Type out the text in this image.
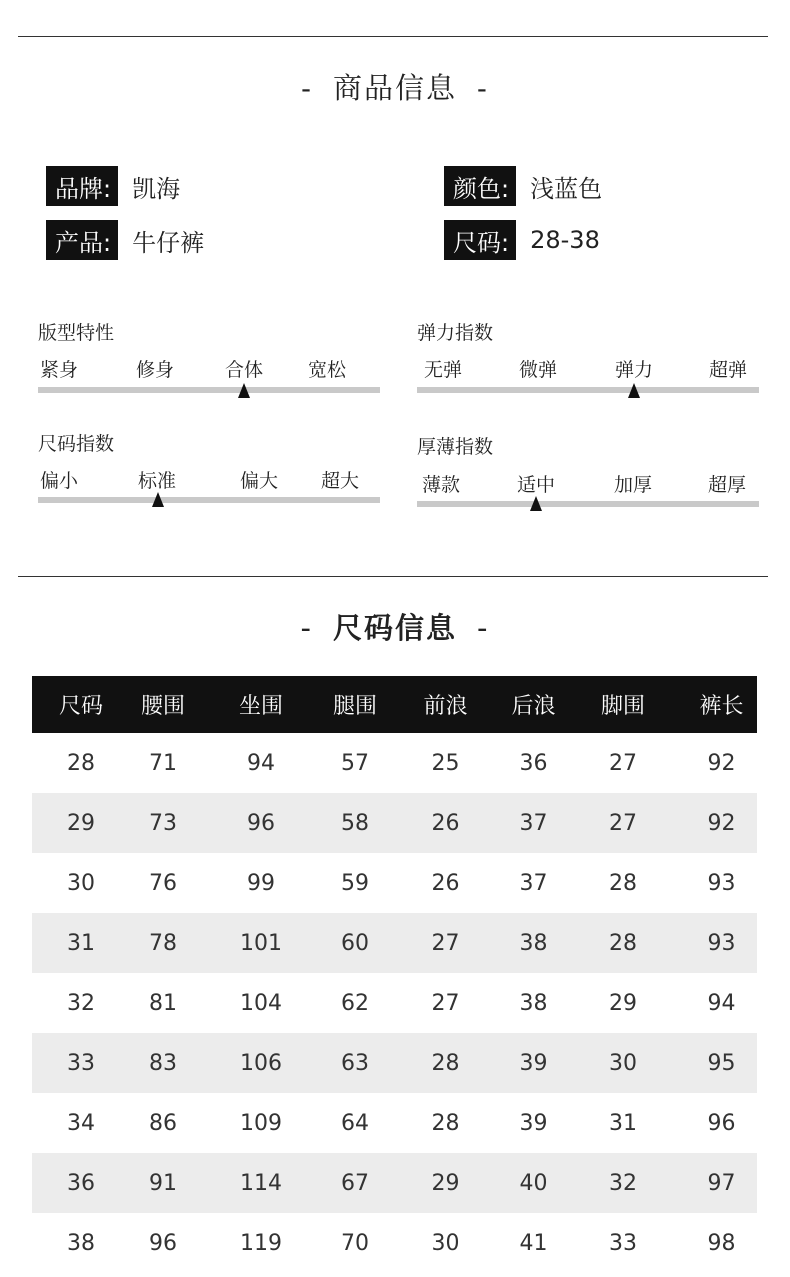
- 商品信息 -
品牌: 凯海
产品: 牛仔裤
颜色: 浅蓝色
尺码: 28-38
版型特性
紧身	修身	合体 宽松
弹力指数
无弹	微弹	弹力	超弹
尺码指数
偏小	标准	偏大 超大
厚薄指数
薄款	适中	加厚	超厚
- 尺码信息 -
尺码	腰围	坐围	腿围	前浪	后浪	脚围	裤长
28	71	94	57	25	36	27	92
29	73	96	58	26	37	27	92
30	76	99	59	26	37	28	93
31	78	101	60	27	38	28	93
32	81	104	62	27	38	29	94
33	83	106	63	28	39	30	95
34	86	109	64	28	39	31	96
36	91	114	67	29	40	32	97
38	96	119	70	30	41	33	98
